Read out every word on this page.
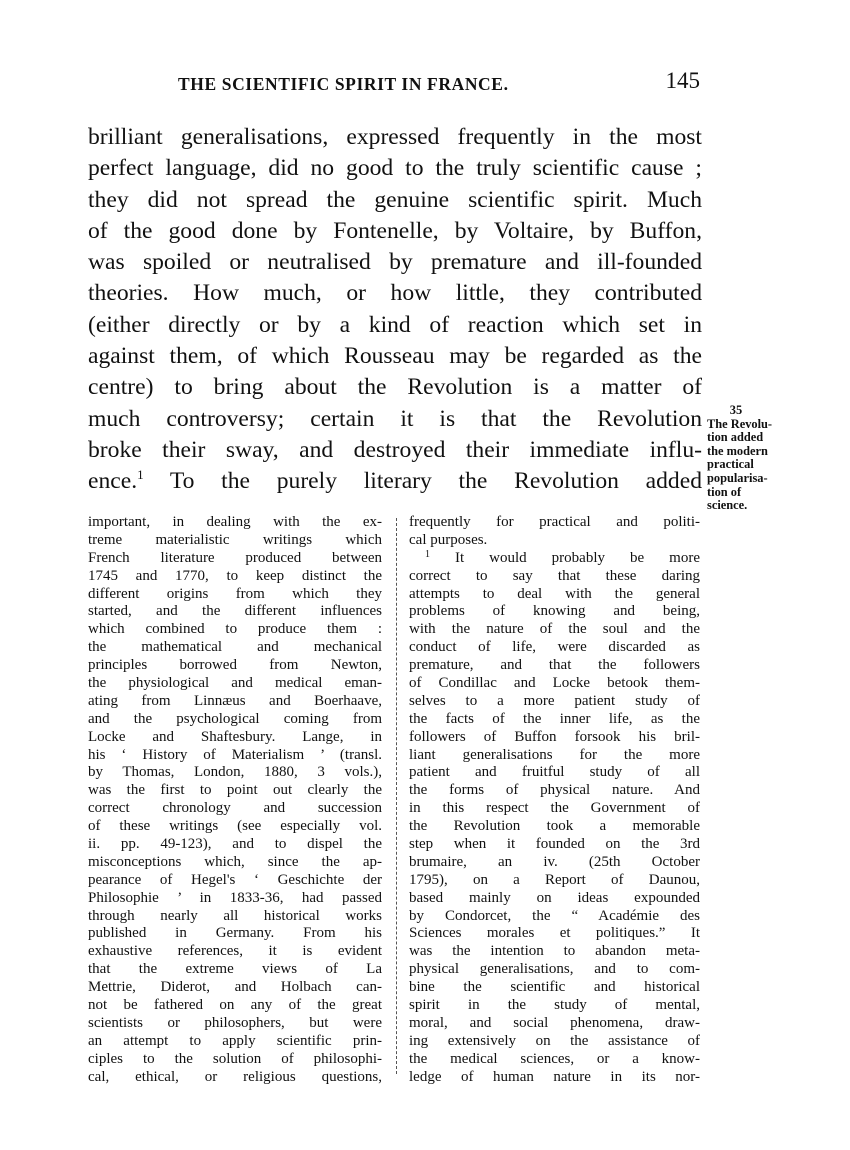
THE SCIENTIFIC SPIRIT IN FRANCE.	145
brilliant generalisations, expressed frequently in the most
perfect language, did no good to the truly scientific cause ;
they did not spread the genuine scientific spirit. Much
of the good done by Fontenelle, by Voltaire, by Buffon,
was spoiled or neutralised by premature and ill-founded
theories. How much, or how little, they contributed
(either directly or by a kind of reaction which set in
against them, of which Rousseau may be regarded as the
centre) to bring about the Revolution is a matter of
much controversy; certain it is that the Revolution
broke their sway, and destroyed their immediate influ-
ence.$^1$ To the purely literary the Revolution added
35
The Revolu-
tion added
the modern
practical
popularisa-
tion of
science.
important, in dealing with the ex-
treme materialistic writings which
French literature produced between
1745 and 1770, to keep distinct the
different origins from which they
started, and the different influences
which combined to produce them :
the mathematical and mechanical
principles borrowed from Newton,
the physiological and medical eman-
ating from Linnæus and Boerhaave,
and the psychological coming from
Locke and Shaftesbury. Lange, in
his ‘ History of Materialism ’ (transl.
by Thomas, London, 1880, 3 vols.),
was the first to point out clearly the
correct chronology and succession
of these writings (see especially vol.
ii. pp. 49-123), and to dispel the
misconceptions which, since the ap-
pearance of Hegel's ‘ Geschichte der
Philosophie ’ in 1833-36, had passed
through nearly all historical works
published in Germany. From his
exhaustive references, it is evident
that the extreme views of La
Mettrie, Diderot, and Holbach can-
not be fathered on any of the great
scientists or philosophers, but were
an attempt to apply scientific prin-
ciples to the solution of philosophi-
cal, ethical, or religious questions,
frequently for practical and politi-
cal purposes.
$^1$ It would probably be more
correct to say that these daring
attempts to deal with the general
problems of knowing and being,
with the nature of the soul and the
conduct of life, were discarded as
premature, and that the followers
of Condillac and Locke betook them-
selves to a more patient study of
the facts of the inner life, as the
followers of Buffon forsook his bril-
liant generalisations for the more
patient and fruitful study of all
the forms of physical nature. And
in this respect the Government of
the Revolution took a memorable
step when it founded on the 3rd
brumaire, an iv. (25th October
1795), on a Report of Daunou,
based mainly on ideas expounded
by Condorcet, the “ Académie des
Sciences morales et politiques.” It
was the intention to abandon meta-
physical generalisations, and to com-
bine the scientific and historical
spirit in the study of mental,
moral, and social phenomena, draw-
ing extensively on the assistance of
the medical sciences, or a know-
ledge of human nature in its nor-
